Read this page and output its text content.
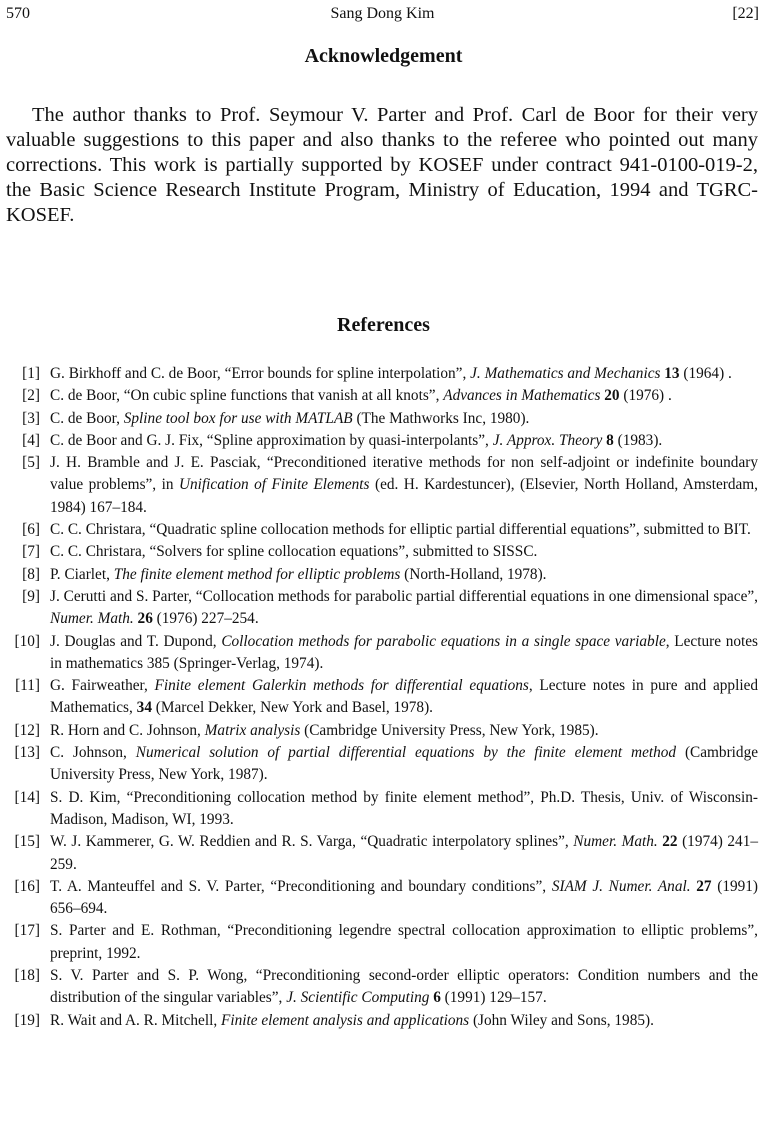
570	Sang Dong Kim	[22]
Acknowledgement

The author thanks to Prof. Seymour V. Parter and Prof. Carl de Boor for their very valuable suggestions to this paper and also thanks to the referee who pointed out many corrections. This work is partially supported by KOSEF under contract 941-0100-019-2, the Basic Science Research Institute Program, Ministry of Education, 1994 and TGRC-KOSEF.

References
[1] G. Birkhoff and C. de Boor, “Error bounds for spline interpolation”, J. Mathematics and Mechanics 13 (1964) .
[2] C. de Boor, “On cubic spline functions that vanish at all knots”, Advances in Mathematics 20 (1976) .
[3] C. de Boor, Spline tool box for use with MATLAB (The Mathworks Inc, 1980).
[4] C. de Boor and G. J. Fix, “Spline approximation by quasi-interpolants”, J. Approx. Theory 8 (1983).
[5] J. H. Bramble and J. E. Pasciak, “Preconditioned iterative methods for non self-adjoint or indefinite boundary value problems”, in Unification of Finite Elements (ed. H. Kardestuncer), (Elsevier, North Holland, Amsterdam, 1984) 167–184.
[6] C. C. Christara, “Quadratic spline collocation methods for elliptic partial differential equations”, submitted to BIT.
[7] C. C. Christara, “Solvers for spline collocation equations”, submitted to SISSC.
[8] P. Ciarlet, The finite element method for elliptic problems (North-Holland, 1978).
[9] J. Cerutti and S. Parter, “Collocation methods for parabolic partial differential equations in one dimensional space”, Numer. Math. 26 (1976) 227–254.
[10] J. Douglas and T. Dupond, Collocation methods for parabolic equations in a single space variable, Lecture notes in mathematics 385 (Springer-Verlag, 1974).
[11] G. Fairweather, Finite element Galerkin methods for differential equations, Lecture notes in pure and applied Mathematics, 34 (Marcel Dekker, New York and Basel, 1978).
[12] R. Horn and C. Johnson, Matrix analysis (Cambridge University Press, New York, 1985).
[13] C. Johnson, Numerical solution of partial differential equations by the finite element method (Cambridge University Press, New York, 1987).
[14] S. D. Kim, “Preconditioning collocation method by finite element method”, Ph.D. Thesis, Univ. of Wisconsin-Madison, Madison, WI, 1993.
[15] W. J. Kammerer, G. W. Reddien and R. S. Varga, “Quadratic interpolatory splines”, Numer. Math. 22 (1974) 241–259.
[16] T. A. Manteuffel and S. V. Parter, “Preconditioning and boundary conditions”, SIAM J. Numer. Anal. 27 (1991) 656–694.
[17] S. Parter and E. Rothman, “Preconditioning legendre spectral collocation approximation to elliptic problems”, preprint, 1992.
[18] S. V. Parter and S. P. Wong, “Preconditioning second-order elliptic operators: Condition numbers and the distribution of the singular variables”, J. Scientific Computing 6 (1991) 129–157.
[19] R. Wait and A. R. Mitchell, Finite element analysis and applications (John Wiley and Sons, 1985).
